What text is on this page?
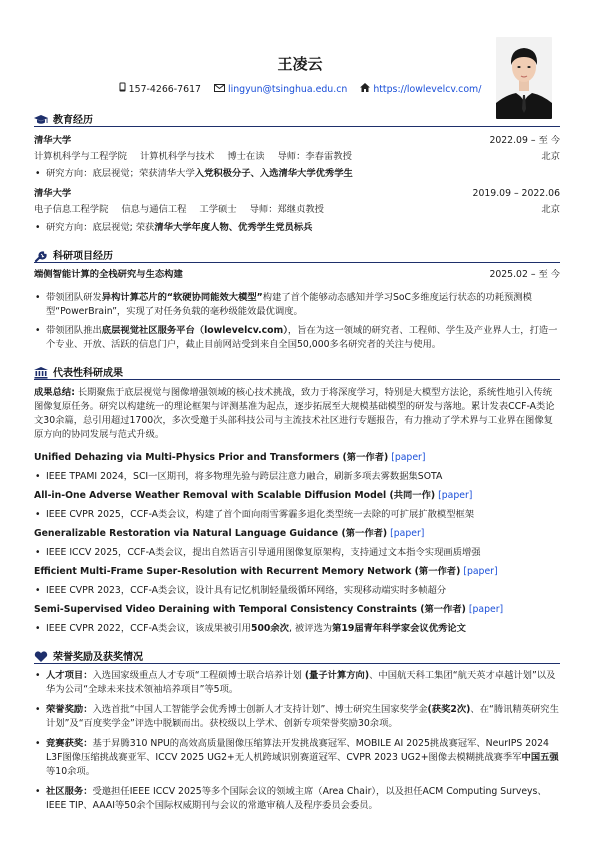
王凌云
157-4266-7617	lingyun@tsinghua.edu.cn	https://lowlevelcv.com/
教育经历
清华大学	2022.09 – 至 今
计算机科学与工程学院 计算机科学与技术 博士在读 导师：李春雷教授	北京
• 研究方向：底层视觉；荣获清华大学入党积极分子、入选清华大学优秀学生
清华大学	2019.09 – 2022.06
电子信息工程学院 信息与通信工程 工学硕士 导师：郑继贞教授	北京
• 研究方向：底层视觉; 荣获清华大学年度人物、优秀学生党员标兵
科研项目经历
端侧智能计算的全栈研究与生态构建	2025.02 – 至 今
• 带领团队研发异构计算芯片的“软硬协同能效大模型”构建了首个能够动态感知并学习SoC多维度运行状态的功耗预测模型“PowerBrain”，实现了对任务负载的毫秒级能效最优调度。
• 带领团队推出底层视觉社区服务平台（lowlevelcv.com），旨在为这一领域的研究者、工程师、学生及产业界人士，打造一个专业、开放、活跃的信息门户，截止目前网站受到来自全国50,000多名研究者的关注与使用。
代表性科研成果
成果总结: 长期聚焦于底层视觉与图像增强领域的核心技术挑战，致力于将深度学习，特别是大模型方法论，系统性地引入传统图像复原任务。研究以构建统一的理论框架与评测基准为起点，逐步拓展至大规模基础模型的研发与落地。累计发表CCF-A类论文30余篇，总引用超过1700次，多次受邀于头部科技公司与主流技术社区进行专题报告，有力推动了学术界与工业界在图像复原方向的协同发展与范式升级。
Unified Dehazing via Multi-Physics Prior and Transformers (第一作者) [paper]
• IEEE TPAMI 2024，SCI一区期刊，将多物理先验与跨层注意力融合，刷新多项去雾数据集SOTA
All-in-One Adverse Weather Removal with Scalable Diffusion Model (共同一作) [paper]
• IEEE CVPR 2025，CCF-A类会议，构建了首个面向雨雪雾霾多退化类型统一去除的可扩展扩散模型框架
Generalizable Restoration via Natural Language Guidance (第一作者) [paper]
• IEEE ICCV 2025，CCF-A类会议，提出自然语言引导通用图像复原架构，支持通过文本指令实现画质增强
Efficient Multi-Frame Super-Resolution with Recurrent Memory Network (第一作者) [paper]
• IEEE CVPR 2023，CCF-A类会议，设计具有记忆机制轻量级循环网络，实现移动端实时多帧超分
Semi-Supervised Video Deraining with Temporal Consistency Constraints (第一作者) [paper]
• IEEE CVPR 2022，CCF-A类会议，该成果被引用500余次, 被评选为第19届青年科学家会议优秀论文
荣誉奖励及获奖情况
• 人才项目：入选国家级重点人才专项“工程硕博士联合培养计划 (量子计算方向)、中国航天科工集团“航天英才卓越计划”以及华为公司“全球未来技术领袖培养项目”等5项。
• 荣誉奖励：入选首批“中国人工智能学会优秀博士创新人才支持计划”、博士研究生国家奖学金(获奖2次)、在“腾讯精英研究生计划”及“百度奖学金”评选中脱颖而出。获校级以上学术、创新专项荣誉奖励30余项。
• 竞赛获奖：基于昇腾310 NPU的高效高质量图像压缩算法开发挑战赛冠军、MOBILE AI 2025挑战赛冠军、NeurIPS 2024 L3F图像压缩挑战赛亚军、ICCV 2025 UG2+无人机跨域识别赛道冠军、CVPR 2023 UG2+图像去模糊挑战赛季军中国五强等10余项。
• 社区服务：受邀担任IEEE ICCV 2025等多个国际会议的领域主席（Area Chair），以及担任ACM Computing Surveys、IEEE TIP、AAAI等50余个国际权威期刊与会议的常邀审稿人及程序委员会委员。
